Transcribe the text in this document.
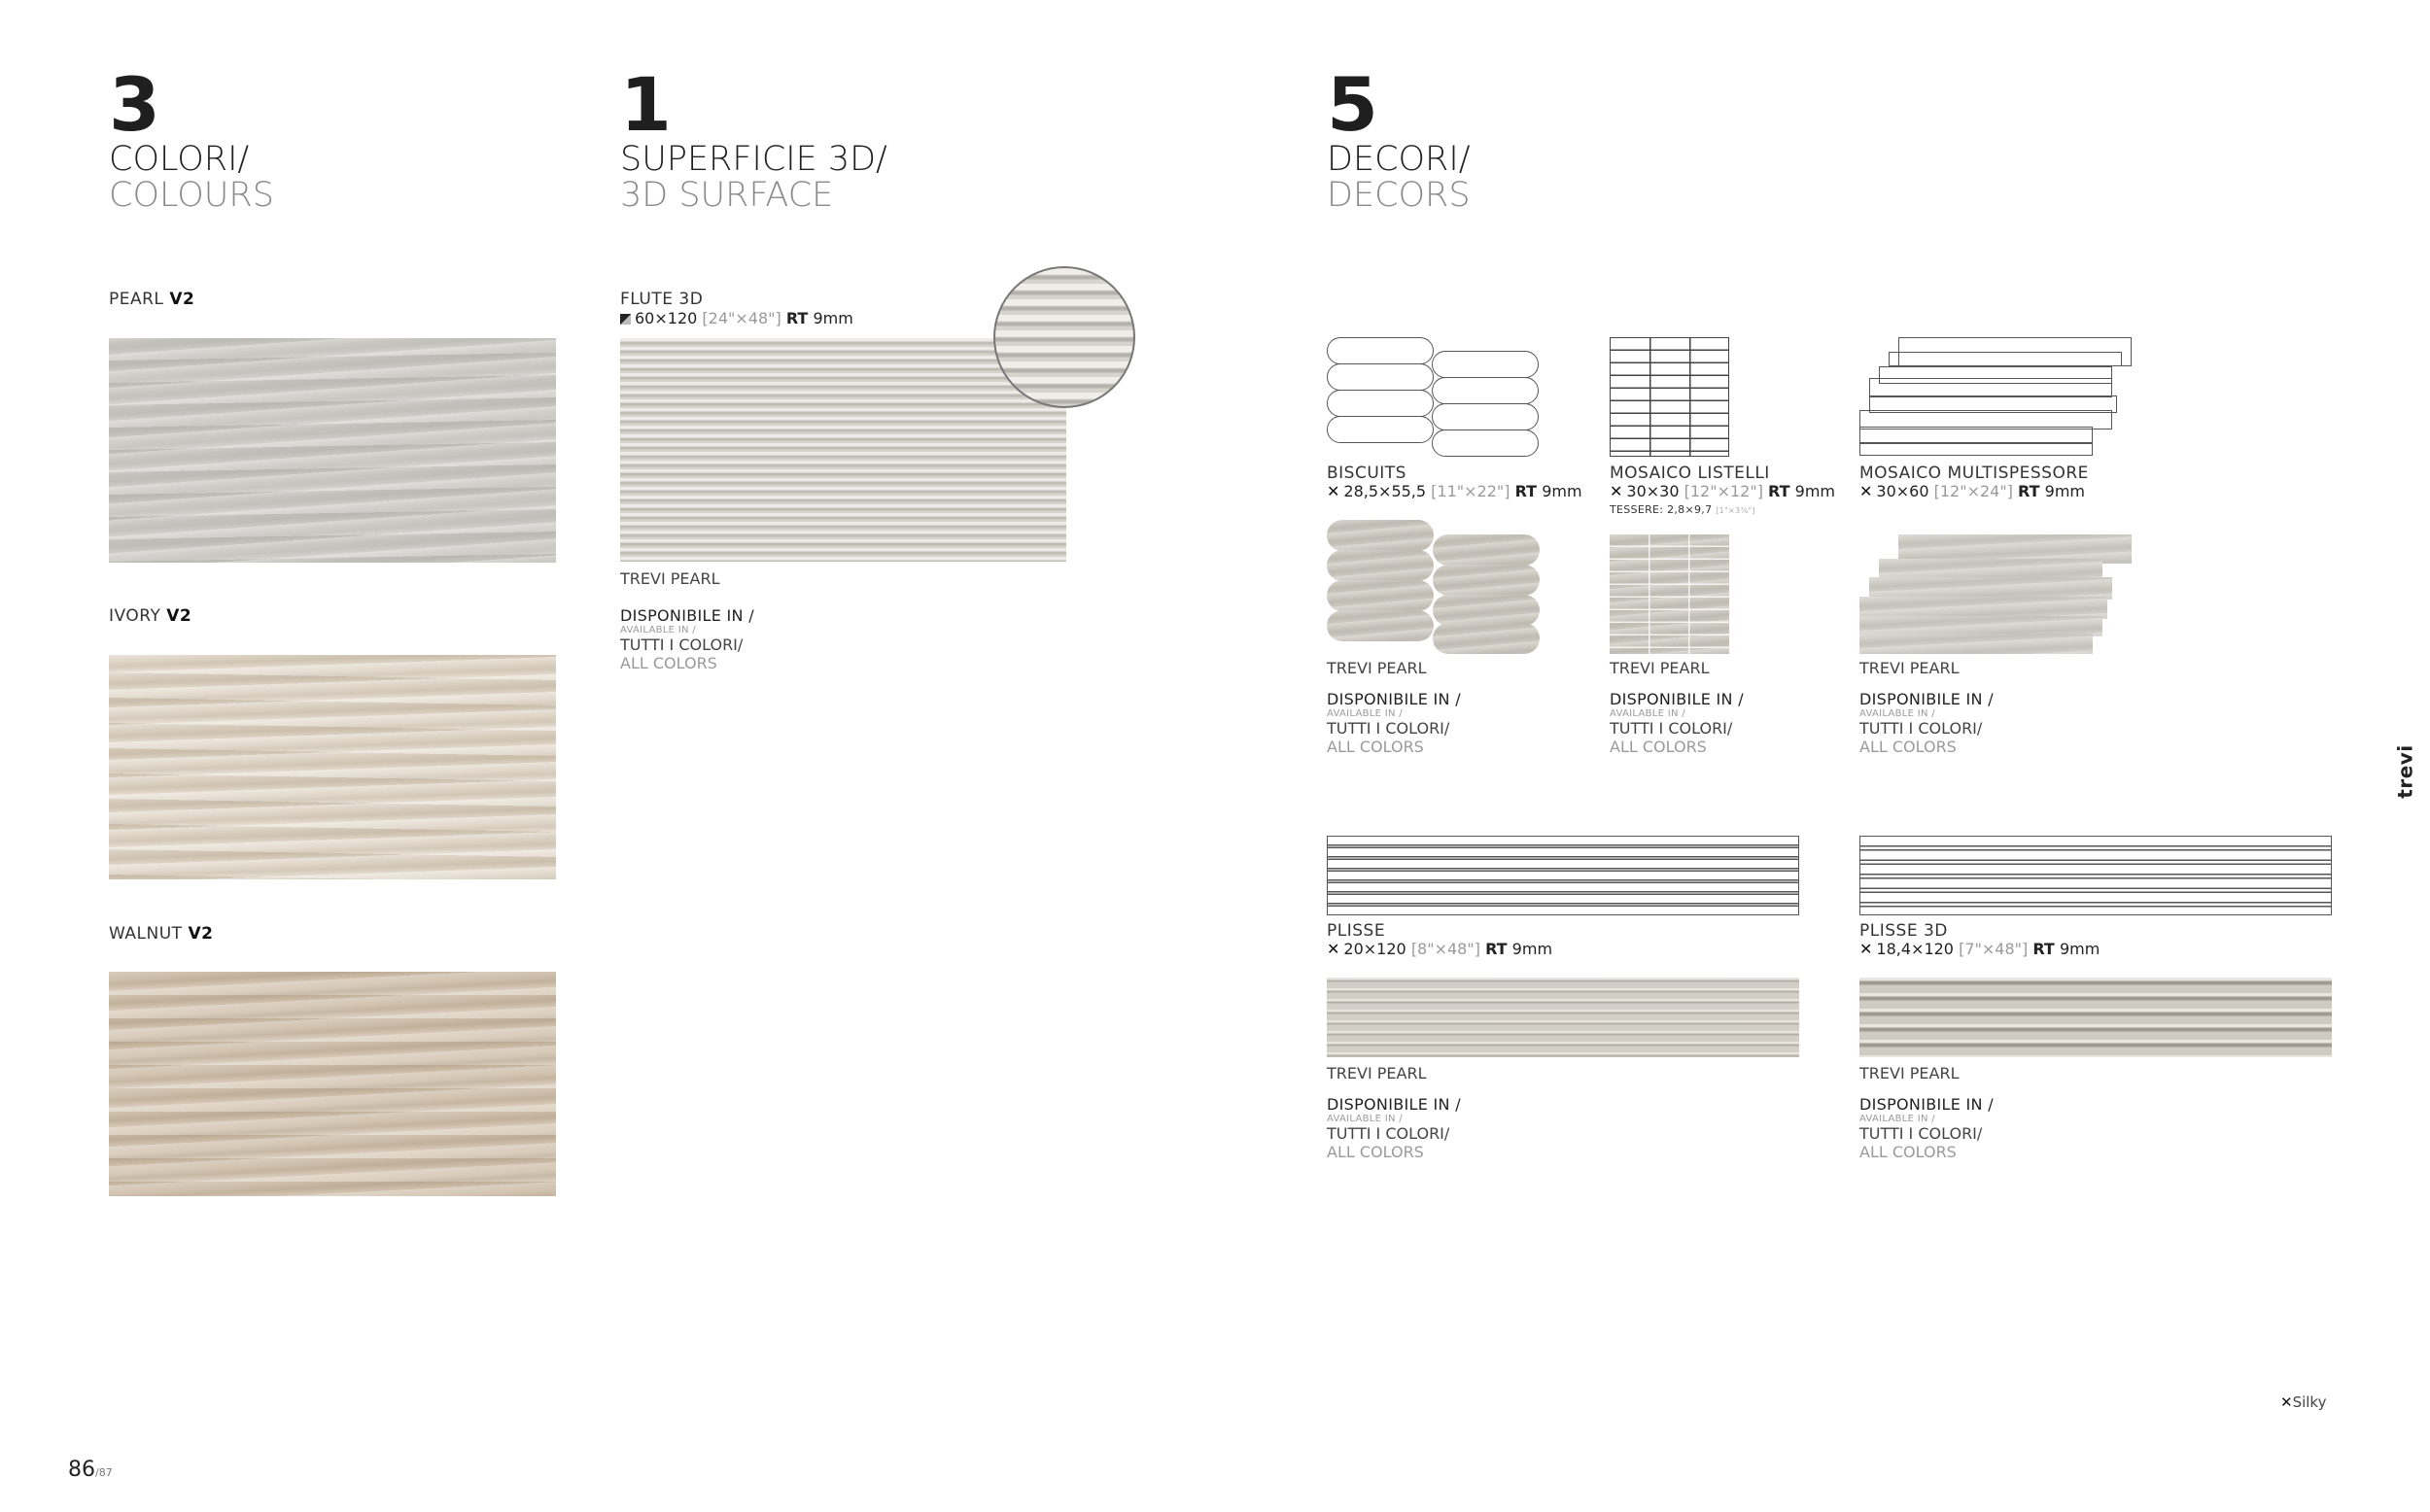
3
COLORI/
COLOURS
1
SUPERFICIE 3D/
3D SURFACE
5
DECORI/
DECORS
PEARL V2
IVORY V2
WALNUT V2
FLUTE 3D
60×120 [24"×48"] RT 9mm
TREVI PEARL
DISPONIBILE IN /
AVAILABLE IN /
TUTTI I COLORI/
ALL COLORS
BISCUITS
✕ 28,5×55,5 [11"×22"] RT 9mm
TREVI PEARL
DISPONIBILE IN /
AVAILABLE IN /
TUTTI I COLORI/
ALL COLORS
MOSAICO LISTELLI
✕ 30×30 [12"×12"] RT 9mm
TESSERE: 2,8×9,7 [1"×3⅞"]
TREVI PEARL
DISPONIBILE IN /
AVAILABLE IN /
TUTTI I COLORI/
ALL COLORS
MOSAICO MULTISPESSORE
✕ 30×60 [12"×24"] RT 9mm
TREVI PEARL
DISPONIBILE IN /
AVAILABLE IN /
TUTTI I COLORI/
ALL COLORS
PLISSE
✕ 20×120 [8"×48"] RT 9mm
TREVI PEARL
DISPONIBILE IN /
AVAILABLE IN /
TUTTI I COLORI/
ALL COLORS
PLISSE 3D
✕ 18,4×120 [7"×48"] RT 9mm
TREVI PEARL
DISPONIBILE IN /
AVAILABLE IN /
TUTTI I COLORI/
ALL COLORS
trevi
✕Silky
86/87
